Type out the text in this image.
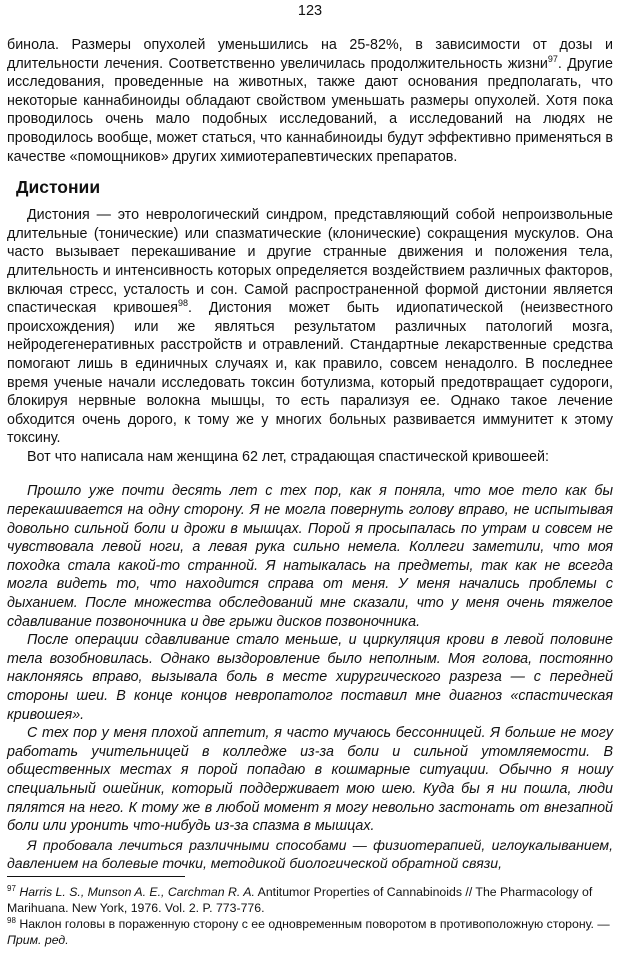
123

бинола. Размеры опухолей уменьшились на 25-82%, в зависимости от дозы и длительности лечения. Соответственно увеличилась продолжительность жизни$^{97}$. Другие исследования, проведенные на животных, также дают основания предполагать, что некоторые каннабиноиды обладают свойством уменьшать размеры опухолей. Хотя пока проводилось очень мало подобных исследований, а исследований на людях не проводилось вообще, может статься, что каннабиноиды будут эффективно применяться в качестве «помощников» других химиотерапевтических препаратов.

Дистонии

Дистония — это неврологический синдром, представляющий собой непроизвольные длительные (тонические) или спазматические (клонические) сокращения мускулов. Она часто вызывает перекашивание и другие странные движения и положения тела, длительность и интенсивность которых определяется воздействием различных факторов, включая стресс, усталость и сон. Самой распространенной формой дистонии является спастическая кривошея$^{98}$. Дистония может быть идиопатической (неизвестного происхождения) или же являться результатом различных патологий мозга, нейродегенеративных расстройств и отравлений. Стандартные лекарственные средства помогают лишь в единичных случаях и, как правило, совсем ненадолго. В последнее время ученые начали исследовать токсин ботулизма, который предотвращает судороги, блокируя нервные волокна мышцы, то есть парализуя ее. Однако такое лечение обходится очень дорого, к тому же у многих больных развивается иммунитет к этому токсину.

Вот что написала нам женщина 62 лет, страдающая спастической кривошеей:

Прошло уже почти десять лет с тех пор, как я поняла, что мое тело как бы перекашивается на одну сторону. Я не могла повернуть голову вправо, не испытывая довольно сильной боли и дрожи в мышцах. Порой я просыпалась по утрам и совсем не чувствовала левой ноги, а левая рука сильно немела. Коллеги заметили, что моя походка стала какой-то странной. Я натыкалась на предметы, так как не всегда могла видеть то, что находится справа от меня. У меня начались проблемы с дыханием. После множества обследований мне сказали, что у меня очень тяжелое сдавливание позвоночника и две грыжи дисков позвоночника.

После операции сдавливание стало меньше, и циркуляция крови в левой половине тела возобновилась. Однако выздоровление было неполным. Моя голова, постоянно наклоняясь вправо, вызывала боль в месте хирургического разреза — с передней стороны шеи. В конце концов невропатолог поставил мне диагноз «спастическая кривошея».

С тех пор у меня плохой аппетит, я часто мучаюсь бессонницей. Я больше не могу работать учительницей в колледже из-за боли и сильной утомляемости. В общественных местах я порой попадаю в кошмарные ситуации. Обычно я ношу специальный ошейник, который поддерживает мою шею. Куда бы я ни пошла, люди пялятся на него. К тому же в любой момент я могу невольно застонать от внезапной боли или уронить что-нибудь из-за спазма в мышцах.

Я пробовала лечиться различными способами — физиотерапией, иглоукалыванием, давлением на болевые точки, методикой биологической обратной связи,

$^{97}$ Harris L. S., Munson A. E., Carchman R. A. Antitumor Properties of Cannabinoids // The Pharmacology of Marihuana. New York, 1976. Vol. 2. P. 773-776.

$^{98}$ Наклон головы в пораженную сторону с ее одновременным поворотом в противоположную сторону. — Прим. ред.
